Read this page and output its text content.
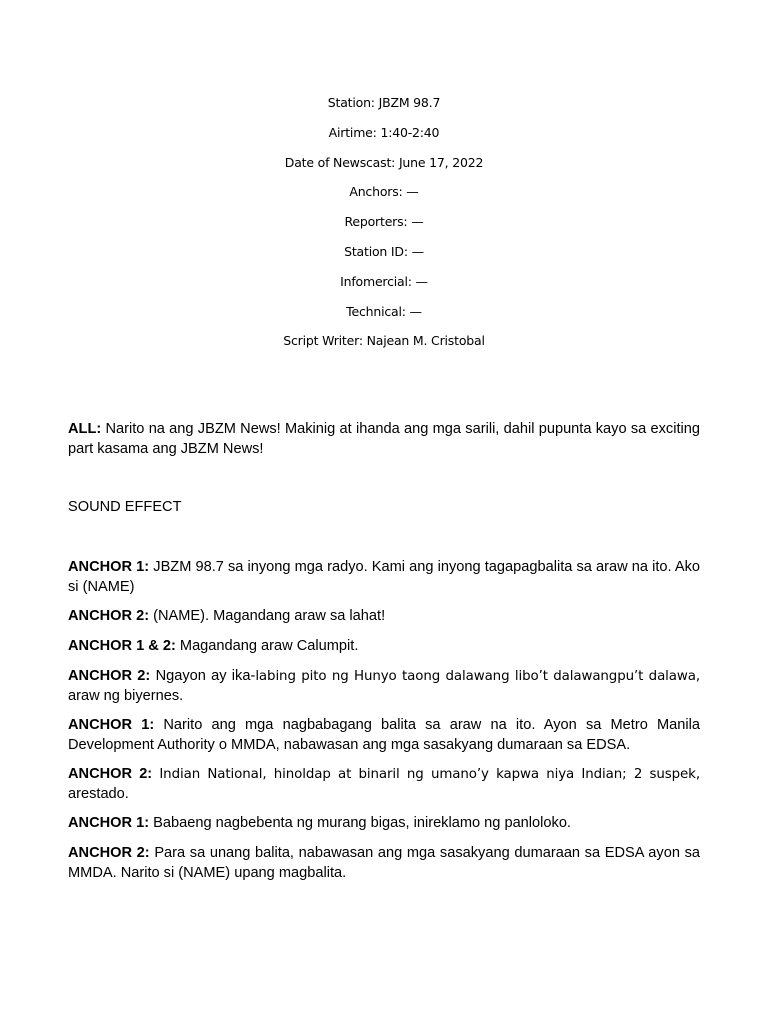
Station: JBZM 98.7
Airtime: 1:40-2:40
Date of Newscast: June 17, 2022
Anchors: —
Reporters: —
Station ID: —
Infomercial: —
Technical: —
Script Writer: Najean M. Cristobal

ALL: Narito na ang JBZM News! Makinig at ihanda ang mga sarili, dahil pupunta kayo sa exciting part kasama ang JBZM News!

SOUND EFFECT

ANCHOR 1: JBZM 98.7 sa inyong mga radyo. Kami ang inyong tagapagbalita sa araw na ito. Ako si (NAME)

ANCHOR 2: (NAME). Magandang araw sa lahat!

ANCHOR 1 & 2: Magandang araw Calumpit.

ANCHOR 2: Ngayon ay ika-labing pito ng Hunyo taong dalawang libo’t dalawangpu’t dalawa, araw ng biyernes.

ANCHOR 1: Narito ang mga nagbabagang balita sa araw na ito. Ayon sa Metro Manila Development Authority o MMDA, nabawasan ang mga sasakyang dumaraan sa EDSA.

ANCHOR 2: Indian National, hinoldap at binaril ng umano’y kapwa niya Indian; 2 suspek, arestado.

ANCHOR 1: Babaeng nagbebenta ng murang bigas, inireklamo ng panloloko.

ANCHOR 2: Para sa unang balita, nabawasan ang mga sasakyang dumaraan sa EDSA ayon sa MMDA. Narito si (NAME) upang magbalita.
